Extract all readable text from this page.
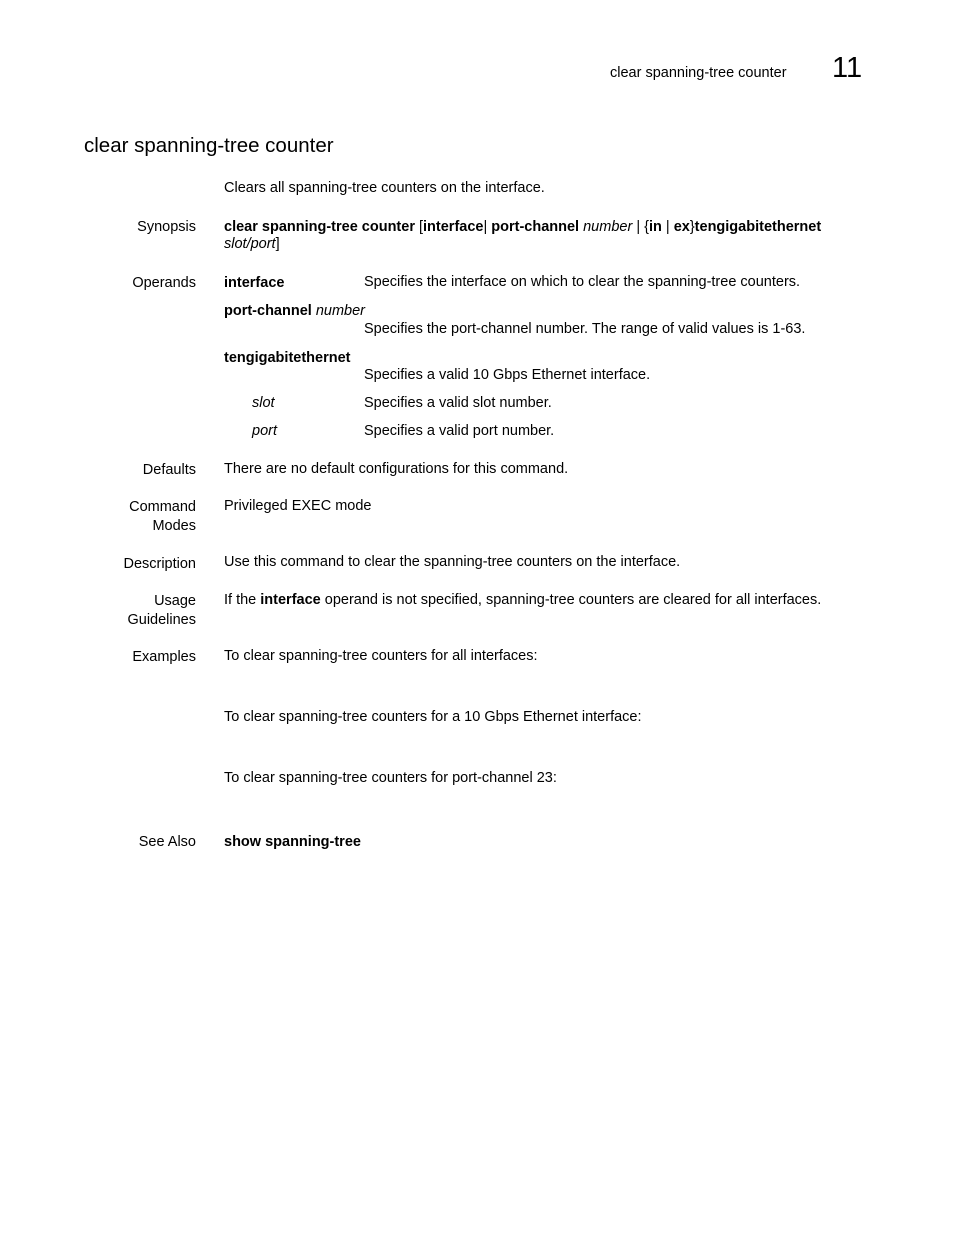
clear spanning-tree counter 11
clear spanning-tree counter
Clears all spanning-tree counters on the interface.
Synopsis clear spanning-tree counter [interface| port-channel number | {in | ex}tengigabitethernet
slot/port]
Operands interface	Specifies the interface on which to clear the spanning-tree counters.
port-channel number
Specifies the port-channel number. The range of valid values is 1-63.
tengigabitethernet
Specifies a valid 10 Gbps Ethernet interface.
slot	Specifies a valid slot number.
port	Specifies a valid port number.
Defaults There are no default configurations for this command.
Command
Modes
Privileged EXEC mode
Description Use this command to clear the spanning-tree counters on the interface.
Usage
Guidelines
If the interface operand is not specified, spanning-tree counters are cleared for all interfaces.
Examples To clear spanning-tree counters for all interfaces:
To clear spanning-tree counters for a 10 Gbps Ethernet interface:
To clear spanning-tree counters for port-channel 23:
See Also show spanning-tree
